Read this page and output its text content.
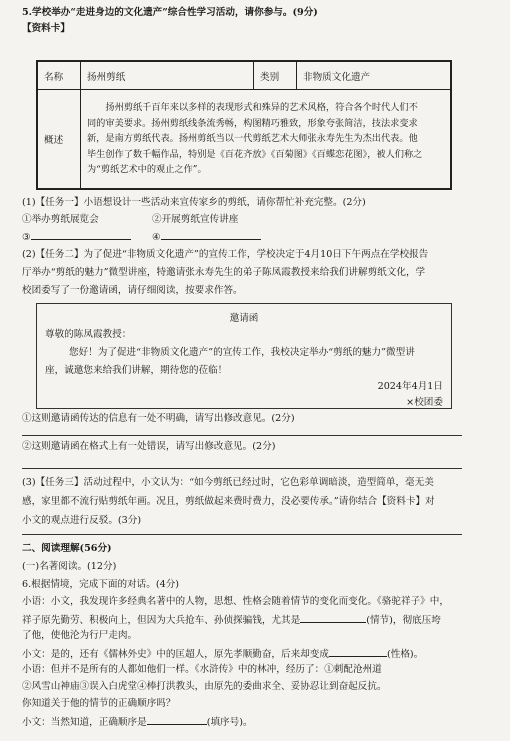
5.学校举办“走进身边的文化遗产”综合性学习活动，请你参与。(9分)
【资料卡】
名称	扬州剪纸	类别	非物质文化遗产
概述	扬州剪纸千百年来以多样的表现形式和殊异的艺术风格，符合各个时代人们不

同的审美要求。扬州剪纸线条流秀畅，构图精巧雅致，形象夸张简洁，技法求变求

新，是南方剪纸代表。扬州剪纸当以一代剪纸艺术大师张永寿先生为杰出代表。他

毕生创作了数千幅作品，特别是《百花齐放》《百菊图》《百蝶恋花图》，被人们称之

为“剪纸艺术中的观止之作”。		

(1)【任务一】小语想设计一些活动来宣传家乡的剪纸，请你帮忙补充完整。(2分)
①举办剪纸展览会	②开展剪纸宣传讲座
③	④
(2)【任务二】为了促进“非物质文化遗产”的宣传工作，学校决定于4月10日下午两点在学校报告
厅举办“剪纸的魅力”微型讲座，特邀请张永寿先生的弟子陈凤霞教授来给我们讲解剪纸文化，学
校团委写了一份邀请函，请仔细阅读，按要求作答。
邀请函
尊敬的陈凤霞教授：
您好！为了促进“非物质文化遗产”的宣传工作，我校决定举办“剪纸的魅力”微型讲
座，诚邀您来给我们讲解，期待您的莅临！
2024年4月1日
×校团委
①这则邀请函传达的信息有一处不明确，请写出修改意见。(2分)
②这则邀请函在格式上有一处错误，请写出修改意见。(2分)
(3)【任务三】活动过程中，小文认为：“如今剪纸已经过时，它色彩单调暗淡，造型简单，毫无美
感，家里都不流行贴剪纸年画。况且，剪纸做起来费时费力，没必要传承。”请你结合【资料卡】对
小文的观点进行反驳。(3分)
二、阅读理解(56分)
(一)名著阅读。(12分)
6.根据情境，完成下面的对话。(4分)
小语：小文，我发现许多经典名著中的人物，思想、性格会随着情节的变化而变化。《骆驼祥子》中，
祥子原先勤劳、积极向上，但因为大兵抢车、孙侦探骗钱，尤其是	(情节)，彻底压垮
了他，使他沦为行尸走肉。
小文：是的，还有《儒林外史》中的匡超人，原先孝顺勤奋，后来却变成	(性格)。
小语：但并不是所有的人都如他们一样。《水浒传》中的林冲，经历了：①刺配沧州道
②风雪山神庙③误入白虎堂④棒打洪教头，由原先的委曲求全、妥协忍让到奋起反抗。
你知道关于他的情节的正确顺序吗？
小文：当然知道，正确顺序是	(填序号)。
